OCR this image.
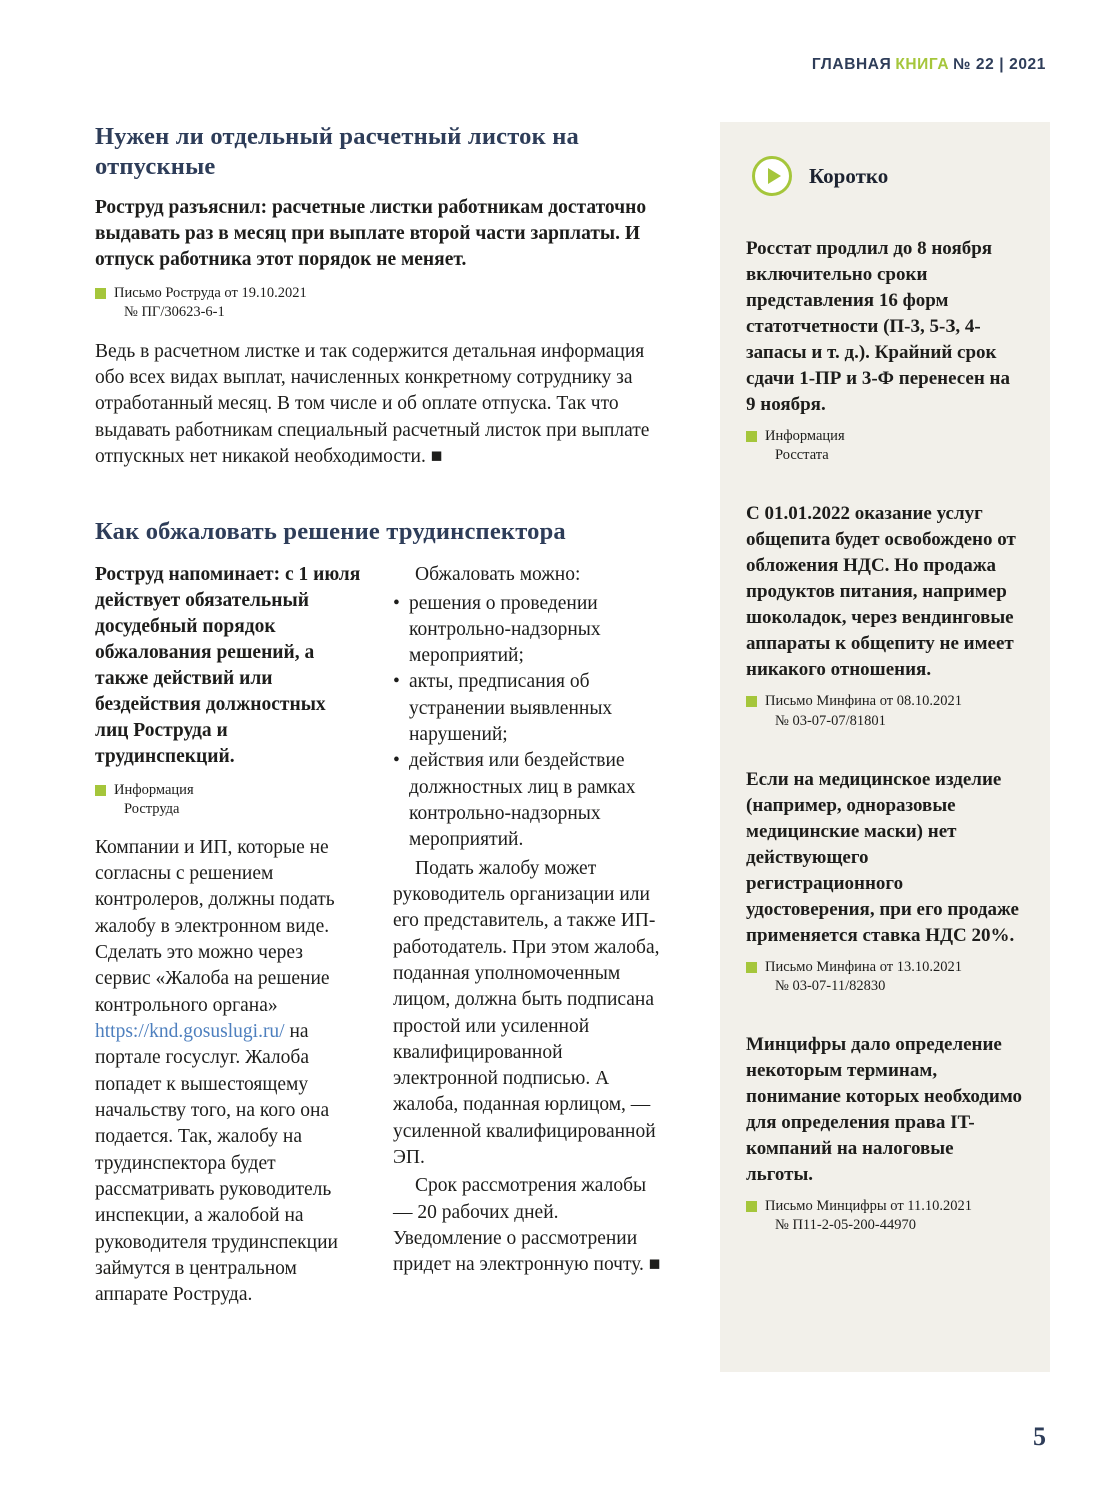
ГЛАВНАЯ КНИГА № 22 | 2021
Нужен ли отдельный расчетный листок на отпускные

Роструд разъяснил: расчетные листки работникам достаточно выдавать раз в месяц при выплате второй части зарплаты. И отпуск работника этот порядок не меняет.

Письмо Роструда от 19.10.2021
№ ПГ/30623-6-1

Ведь в расчетном листке и так содержится детальная информация обо всех видах выплат, начисленных конкретному сотруднику за отработанный месяц. В том числе и об оплате отпуска. Так что выдавать работникам специальный расчетный листок при выплате отпускных нет никакой необходимости. ■

Как обжаловать решение трудинспектора

Роструд напоминает: с 1 июля действует обязательный досудебный порядок обжалования решений, а также действий или бездействия должностных лиц Роструда и трудинспекций.

Информация
Роструда

Компании и ИП, которые не согласны с решением контролеров, должны подать жалобу в электронном виде. Сделать это можно через сервис «Жалоба на решение контрольного органа» https://knd.gosuslugi.ru/ на портале госуслуг. Жалоба попадет к вышестоящему начальству того, на кого она подается. Так, жалобу на трудинспектора будет рассматривать руководитель инспекции, а жалобой на руководителя трудинспекции займутся в центральном аппарате Роструда.

Обжаловать можно:

• решения о проведении контрольно-надзорных мероприятий;
• акты, предписания об устранении выявленных нарушений;
• действия или бездействие должностных лиц в рамках контрольно-надзорных мероприятий.

Подать жалобу может руководитель организации или его представитель, а также ИП-работодатель. При этом жалоба, поданная уполномоченным лицом, должна быть подписана простой или усиленной квалифицированной электронной подписью. А жалоба, поданная юрлицом, — усиленной квалифицированной ЭП.

Срок рассмотрения жалобы — 20 рабочих дней. Уведомление о рассмотрении придет на электронную почту. ■

Коротко

Росстат продлил до 8 ноября включительно сроки представления 16 форм статотчетности (П-3, 5-З, 4-запасы и т. д.). Крайний срок сдачи 1-ПР и 3-Ф перенесен на 9 ноября.

Информация
Росстата

С 01.01.2022 оказание услуг общепита будет освобождено от обложения НДС. Но продажа продуктов питания, например шоколадок, через вендинговые аппараты к общепиту не имеет никакого отношения.

Письмо Минфина от 08.10.2021
№ 03-07-07/81801

Если на медицинское изделие (например, одноразовые медицинские маски) нет действующего регистрационного удостоверения, при его продаже применяется ставка НДС 20%.

Письмо Минфина от 13.10.2021
№ 03-07-11/82830

Минцифры дало определение некоторым терминам, понимание которых необходимо для определения права IT-компаний на налоговые льготы.

Письмо Минцифры от 11.10.2021
№ П11-2-05-200-44970
5
